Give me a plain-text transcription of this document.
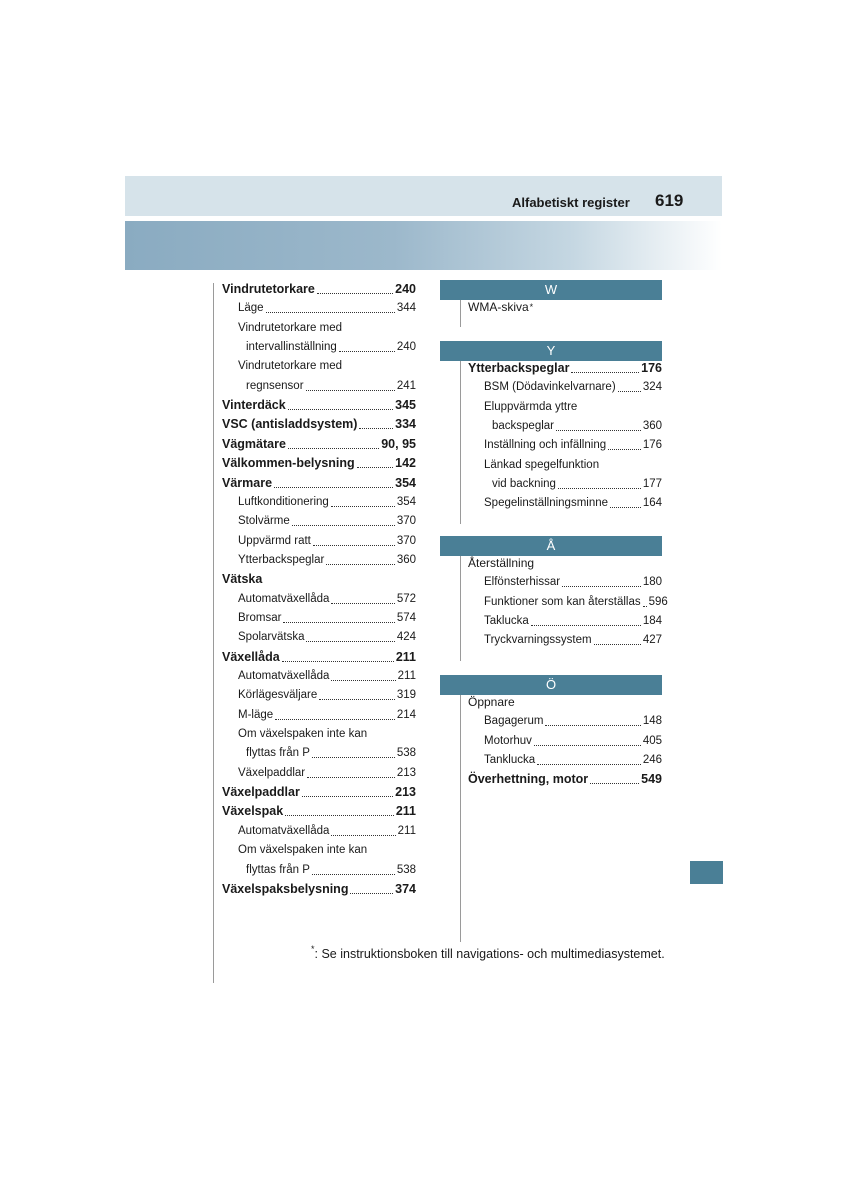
Alfabetiskt register 619
Vindrutetorkare	240
Läge	344
Vindrutetorkare med
intervallinställning	240
Vindrutetorkare med
regnsensor	241
Vinterdäck	345
VSC (antisladdsystem)	334
Vägmätare	90, 95
Välkommen-belysning	142
Värmare	354
Luftkonditionering	354
Stolvärme	370
Uppvärmd ratt	370
Ytterbackspeglar	360
Vätska
Automatväxellåda	572
Bromsar	574
Spolarvätska	424
Växellåda	211
Automatväxellåda	211
Körlägesväljare	319
M-läge	214
Om växelspaken inte kan
flyttas från P	538
Växelpaddlar	213
Växelpaddlar	213
Växelspak	211
Automatväxellåda	211
Om växelspaken inte kan
flyttas från P	538
Växelspaksbelysning	374
W
WMA-skiva *
Y
Ytterbackspeglar	176
BSM (Dödavinkelvarnare) 324
Eluppvärmda yttre
backspeglar	360
Inställning och infällning	176
Länkad spegelfunktion
vid backning	177
Spegelinställningsminne	164
Å
Återställning
Elfönsterhissar	180
Funktioner som kan återställas 596
Taklucka	184
Tryckvarningssystem	427
Ö
Öppnare
Bagagerum	148
Motorhuv	405
Tanklucka	246
Överhettning, motor	549
*: Se instruktionsboken till navigations- och multimediasystemet.
